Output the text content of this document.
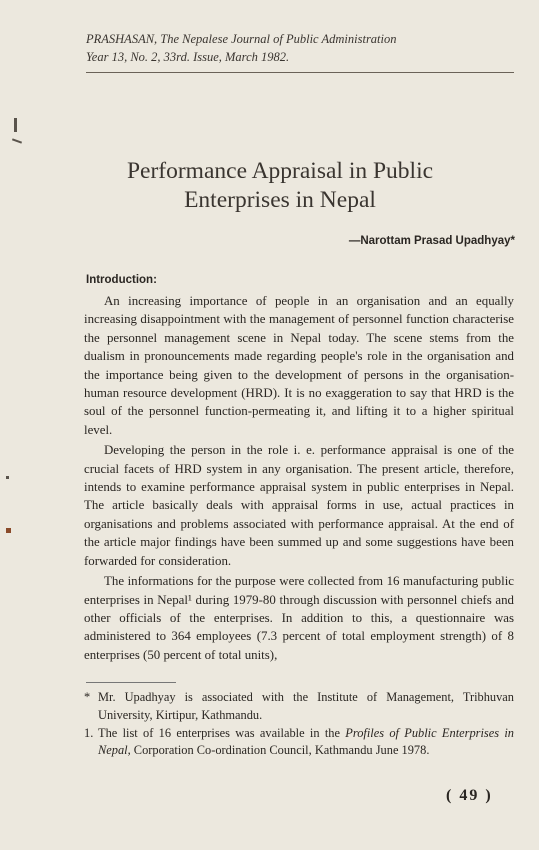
PRASHASAN, The Nepalese Journal of Public Administration
Year 13, No. 2, 33rd. Issue, March 1982.
Performance Appraisal in Public
Enterprises in Nepal
—Narottam Prasad Upadhyay*
Introduction:

An increasing importance of people in an organisation and an equally increasing disappointment with the management of personnel function characterise the personnel management scene in Nepal today. The scene stems from the dualism in pronouncements made regarding people's role in the organisation and the importance being given to the development of persons in the organisation-human resource development (HRD). It is no exaggeration to say that HRD is the soul of the personnel function-permeating it, and lifting it to a higher spiritual level.

Developing the person in the role i. e. performance appraisal is one of the crucial facets of HRD system in any organisation. The present article, therefore, intends to examine performance appraisal system in public enterprises in Nepal. The article basically deals with appraisal forms in use, actual practices in organisations and problems associated with performance appraisal. At the end of the article major findings have been summed up and some suggestions have been forwarded for consideration.

The informations for the purpose were collected from 16 manufacturing public enterprises in Nepal¹ during 1979-80 through discussion with personnel chiefs and other officials of the enterprises. In addition to this, a questionnaire was administered to 364 employees (7.3 percent of total employment strength) of 8 enterprises (50 percent of total units),

* Mr. Upadhyay is associated with the Institute of Management, Tribhuvan University, Kirtipur, Kathmandu.
1. The list of 16 enterprises was available in the Profiles of Public Enterprises in Nepal, Corporation Co-ordination Council, Kathmandu June 1978.
( 49 )
